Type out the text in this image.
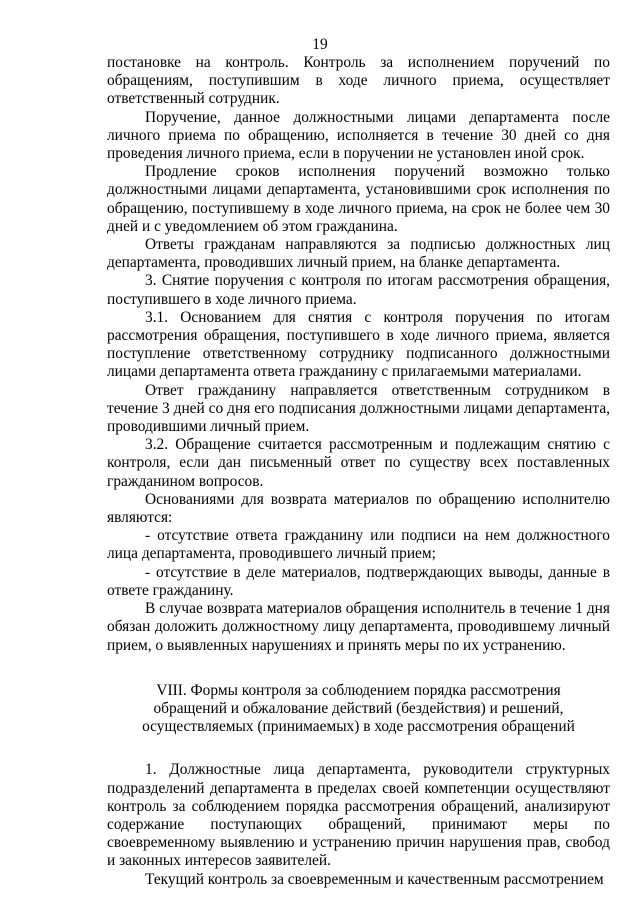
19

постановке на контроль. Контроль за исполнением поручений по обращениям, поступившим в ходе личного приема, осуществляет ответственный сотрудник.

Поручение, данное должностными лицами департамента после личного приема по обращению, исполняется в течение 30 дней со дня проведения личного приема, если в поручении не установлен иной срок.

Продление сроков исполнения поручений возможно только должностными лицами департамента, установившими срок исполнения по обращению, поступившему в ходе личного приема, на срок не более чем 30 дней и с уведомлением об этом гражданина.

Ответы гражданам направляются за подписью должностных лиц департамента, проводивших личный прием, на бланке департамента.

3. Снятие поручения с контроля по итогам рассмотрения обращения, поступившего в ходе личного приема.

3.1. Основанием для снятия с контроля поручения по итогам рассмотрения обращения, поступившего в ходе личного приема, является поступление ответственному сотруднику подписанного должностными лицами департамента ответа гражданину с прилагаемыми материалами.

Ответ гражданину направляется ответственным сотрудником в течение 3 дней со дня его подписания должностными лицами департамента, проводившими личный прием.

3.2. Обращение считается рассмотренным и подлежащим снятию с контроля, если дан письменный ответ по существу всех поставленных гражданином вопросов.

Основаниями для возврата материалов по обращению исполнителю являются:

- отсутствие ответа гражданину или подписи на нем должностного лица департамента, проводившего личный прием;

- отсутствие в деле материалов, подтверждающих выводы, данные в ответе гражданину.

В случае возврата материалов обращения исполнитель в течение 1 дня обязан доложить должностному лицу департамента, проводившему личный прием, о выявленных нарушениях и принять меры по их устранению.

VIII. Формы контроля за соблюдением порядка рассмотрения
обращений и обжалование действий (бездействия) и решений,
осуществляемых (принимаемых) в ходе рассмотрения обращений

1. Должностные лица департамента, руководители структурных подразделений департамента в пределах своей компетенции осуществляют контроль за соблюдением порядка рассмотрения обращений, анализируют содержание поступающих обращений, принимают меры по своевременному выявлению и устранению причин нарушения прав, свобод и законных интересов заявителей.

Текущий контроль за своевременным и качественным рассмотрением
